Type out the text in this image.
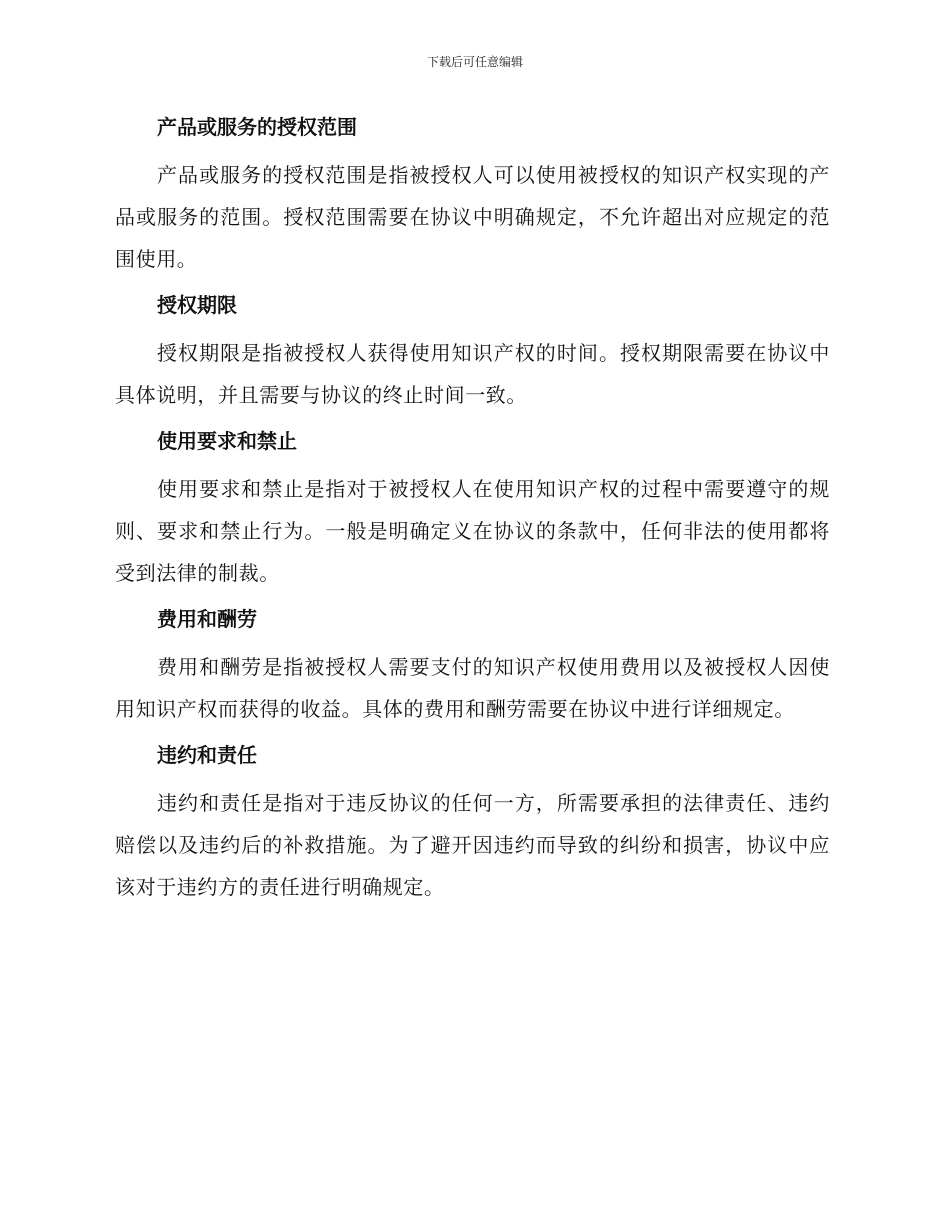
下载后可任意编辑
产品或服务的授权范围

产品或服务的授权范围是指被授权人可以使用被授权的知识产权实现的产品或服务的范围。授权范围需要在协议中明确规定，不允许超出对应规定的范围使用。

授权期限

授权期限是指被授权人获得使用知识产权的时间。授权期限需要在协议中具体说明，并且需要与协议的终止时间一致。

使用要求和禁止

使用要求和禁止是指对于被授权人在使用知识产权的过程中需要遵守的规则、要求和禁止行为。一般是明确定义在协议的条款中，任何非法的使用都将受到法律的制裁。

费用和酬劳

费用和酬劳是指被授权人需要支付的知识产权使用费用以及被授权人因使用知识产权而获得的收益。具体的费用和酬劳需要在协议中进行详细规定。

违约和责任

违约和责任是指对于违反协议的任何一方，所需要承担的法律责任、违约赔偿以及违约后的补救措施。为了避开因违约而导致的纠纷和损害，协议中应该对于违约方的责任进行明确规定。
